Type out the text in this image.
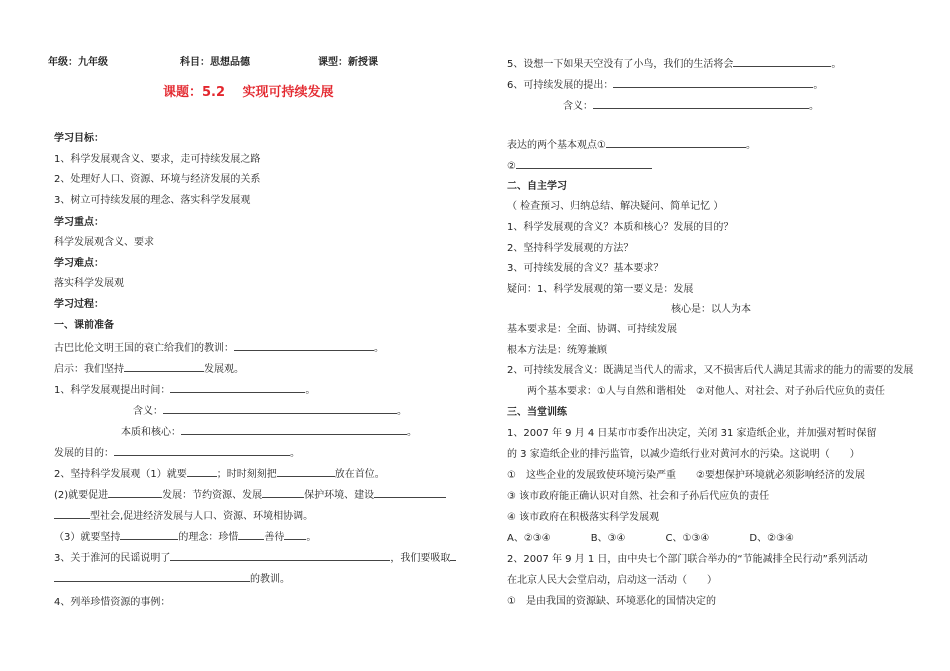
年级：九年级	科目：思想品德	课型：新授课
课题：5.2　 实现可持续发展
学习目标：
1、科学发展观含义、要求，走可持续发展之路
2、处理好人口、资源、环境与经济发展的关系
3、树立可持续发展的理念、落实科学发展观
学习重点：
科学发展观含义、要求
学习难点：
落实科学发展观
学习过程：
一、课前准备
古巴比伦文明王国的衰亡给我们的教训：	。
启示：我们坚持	发展观。
1、科学发展观提出时间：	。
含义：	。
本质和核心：	。
发展的目的：	。
2、坚持科学发展观（1）就要	；时时刻刻把	放在首位。
(2)就要促进	发展：节约资源、发展	保护环境、建设
型社会,促进经济发展与人口、资源、环境相协调。
（3）就要坚持	的理念：珍惜	善待 。
3、关于淮河的民谣说明了	，我们要吸取
的教训。
4、列举珍惜资源的事例：
5、设想一下如果天空没有了小鸟，我们的生活将会	。
6、可持续发展的提出：	。
含义：	。
表达的两个基本观点①	。
②
二、自主学习
（ 检查预习、归纳总结、解决疑问、简单记忆 ）
1、科学发展观的含义？本质和核心？发展的目的？
2、坚持科学发展观的方法？
3、可持续发展的含义？基本要求？
疑问：1、科学发展观的第一要义是：发展
核心是：以人为本
基本要求是：全面、协调、可持续发展
根本方法是：统筹兼顾
2、可持续发展含义：既满足当代人的需求，又不损害后代人满足其需求的能力的需要的发展
两个基本要求：①人与自然和谐相处　②对他人、对社会、对子孙后代应负的责任
三、当堂训练
1、2007 年 9 月 4 日某市市委作出决定，关闭 31 家造纸企业，并加强对暂时保留
的 3 家造纸企业的排污监管，以减少造纸行业对黄河水的污染。这说明（　　）
①　这些企业的发展致使环境污染严重　　②要想保护环境就必须影响经济的发展
③ 该市政府能正确认识对自然、社会和子孙后代应负的责任
④ 该市政府在积极落实科学发展观
A、②③④　　　　B、③④　　　　C、①③④　　　　D、②③④
2、2007 年 9 月 1 日，由中央七个部门联合举办的“节能减排全民行动”系列活动
在北京人民大会堂启动，启动这一活动（　　）
①　是由我国的资源缺、环境恶化的国情决定的
